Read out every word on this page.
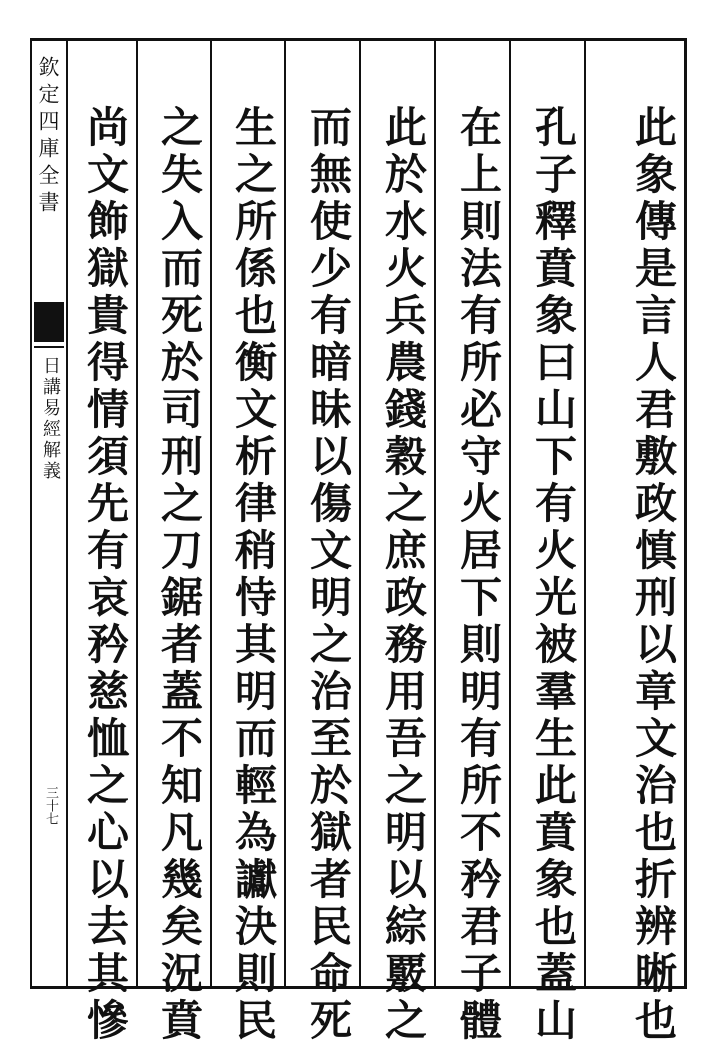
欽定四庫全書
日講易經解義
三十七	此象傳是言人君敷政慎刑以章文治也折辨晰也
孔子釋賁象曰山下有火光被羣生此賁象也蓋山
在上則法有所必守火居下則明有所不矜君子體
此於水火兵農錢穀之庶政務用吾之明以綜覈之
而無使少有暗昧以傷文明之治至於獄者民命死
生之所係也衡文析律稍恃其明而輕為讞決則民
之失入而死於司刑之刀鋸者蓋不知凡幾矣況賁
尚文飾獄貴得情須先有哀矜慈恤之心以去其慘
